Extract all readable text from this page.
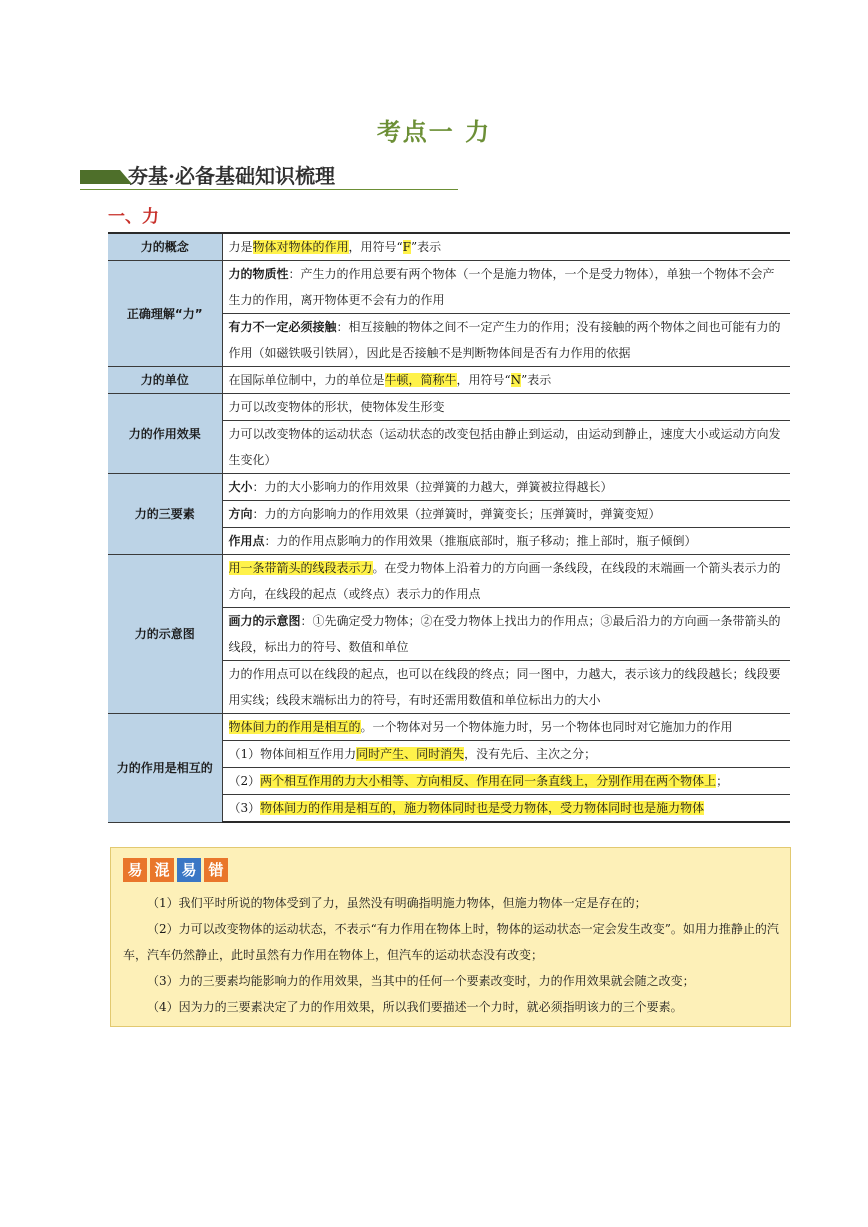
考点一 力
夯基·必备基础知识梳理
一、力
力的概念	力是物体对物体的作用，用符号“F”表示
正确理解“力”	力的物质性：产生力的作用总要有两个物体（一个是施力物体，一个是受力物体），单独一个物体不会产生力的作用，离开物体更不会有力的作用
	有力不一定必须接触：相互接触的物体之间不一定产生力的作用；没有接触的两个物体之间也可能有力的作用（如磁铁吸引铁屑），因此是否接触不是判断物体间是否有力作用的依据
力的单位	在国际单位制中，力的单位是牛顿，简称牛，用符号“N”表示
力的作用效果	力可以改变物体的形状，使物体发生形变
	力可以改变物体的运动状态（运动状态的改变包括由静止到运动，由运动到静止，速度大小或运动方向发生变化）
力的三要素	大小：力的大小影响力的作用效果（拉弹簧的力越大，弹簧被拉得越长）
	方向：力的方向影响力的作用效果（拉弹簧时，弹簧变长；压弹簧时，弹簧变短）
	作用点：力的作用点影响力的作用效果（推瓶底部时，瓶子移动；推上部时，瓶子倾倒）
力的示意图	用一条带箭头的线段表示力。在受力物体上沿着力的方向画一条线段，在线段的末端画一个箭头表示力的方向，在线段的起点（或终点）表示力的作用点
	画力的示意图：①先确定受力物体；②在受力物体上找出力的作用点；③最后沿力的方向画一条带箭头的线段，标出力的符号、数值和单位
	力的作用点可以在线段的起点，也可以在线段的终点；同一图中，力越大，表示该力的线段越长；线段要用实线；线段末端标出力的符号，有时还需用数值和单位标出力的大小
力的作用是相互的	物体间力的作用是相互的。一个物体对另一个物体施力时，另一个物体也同时对它施加力的作用
	（1）物体间相互作用力同时产生、同时消失，没有先后、主次之分；
	（2）两个相互作用的力大小相等、方向相反、作用在同一条直线上，分别作用在两个物体上；
	（3）物体间力的作用是相互的，施力物体同时也是受力物体，受力物体同时也是施力物体
易 混 易 错

（1）我们平时所说的物体受到了力，虽然没有明确指明施力物体，但施力物体一定是存在的；

（2）力可以改变物体的运动状态，不表示“有力作用在物体上时，物体的运动状态一定会发生改变”。如用力推静止的汽车，汽车仍然静止，此时虽然有力作用在物体上，但汽车的运动状态没有改变；

（3）力的三要素均能影响力的作用效果，当其中的任何一个要素改变时，力的作用效果就会随之改变；

（4）因为力的三要素决定了力的作用效果，所以我们要描述一个力时，就必须指明该力的三个要素。
